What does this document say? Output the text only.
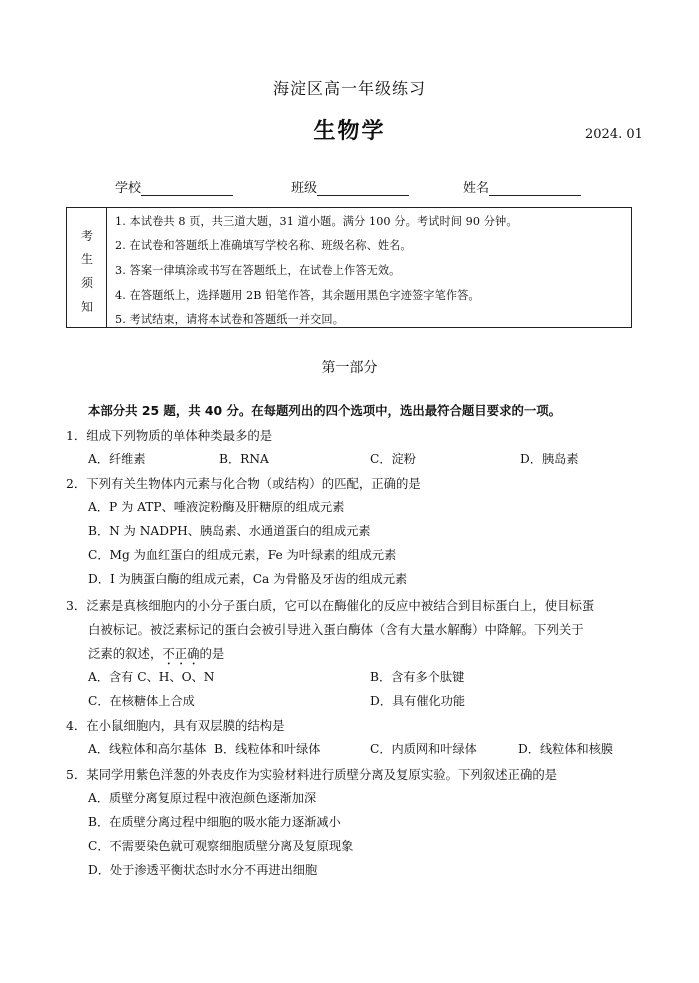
海淀区高一年级练习
生物学	2024. 01
学校	班级	姓名
考
生
须
知
1. 本试卷共 8 页，共三道大题，31 道小题。满分 100 分。考试时间 90 分钟。
2. 在试卷和答题纸上准确填写学校名称、班级名称、姓名。
3. 答案一律填涂或书写在答题纸上，在试卷上作答无效。
4. 在答题纸上，选择题用 2B 铅笔作答，其余题用黑色字迹签字笔作答。
5. 考试结束，请将本试卷和答题纸一并交回。
第一部分
本部分共 25 题，共 40 分。在每题列出的四个选项中，选出最符合题目要求的一项。
1．组成下列物质的单体种类最多的是
A．纤维素	B．RNA	C．淀粉	D．胰岛素
2．下列有关生物体内元素与化合物（或结构）的匹配，正确的是
A．P 为 ATP、唾液淀粉酶及肝糖原的组成元素
B．N 为 NADPH、胰岛素、水通道蛋白的组成元素
C．Mg 为血红蛋白的组成元素，Fe 为叶绿素的组成元素
D．I 为胰蛋白酶的组成元素，Ca 为骨骼及牙齿的组成元素
3．泛素是真核细胞内的小分子蛋白质，它可以在酶催化的反应中被结合到目标蛋白上，使目标蛋
白被标记。被泛素标记的蛋白会被引导进入蛋白酶体（含有大量水解酶）中降解。下列关于
泛素的叙述，不正确的是
A．含有 C、H、O、N	B．含有多个肽键
C．在核糖体上合成	D．具有催化功能
4．在小鼠细胞内，具有双层膜的结构是
A．线粒体和高尔基体 B．线粒体和叶绿体	C．内质网和叶绿体	D．线粒体和核膜
5．某同学用紫色洋葱的外表皮作为实验材料进行质壁分离及复原实验。下列叙述正确的是
A．质壁分离复原过程中液泡颜色逐渐加深
B．在质壁分离过程中细胞的吸水能力逐渐减小
C．不需要染色就可观察细胞质壁分离及复原现象
D．处于渗透平衡状态时水分不再进出细胞
